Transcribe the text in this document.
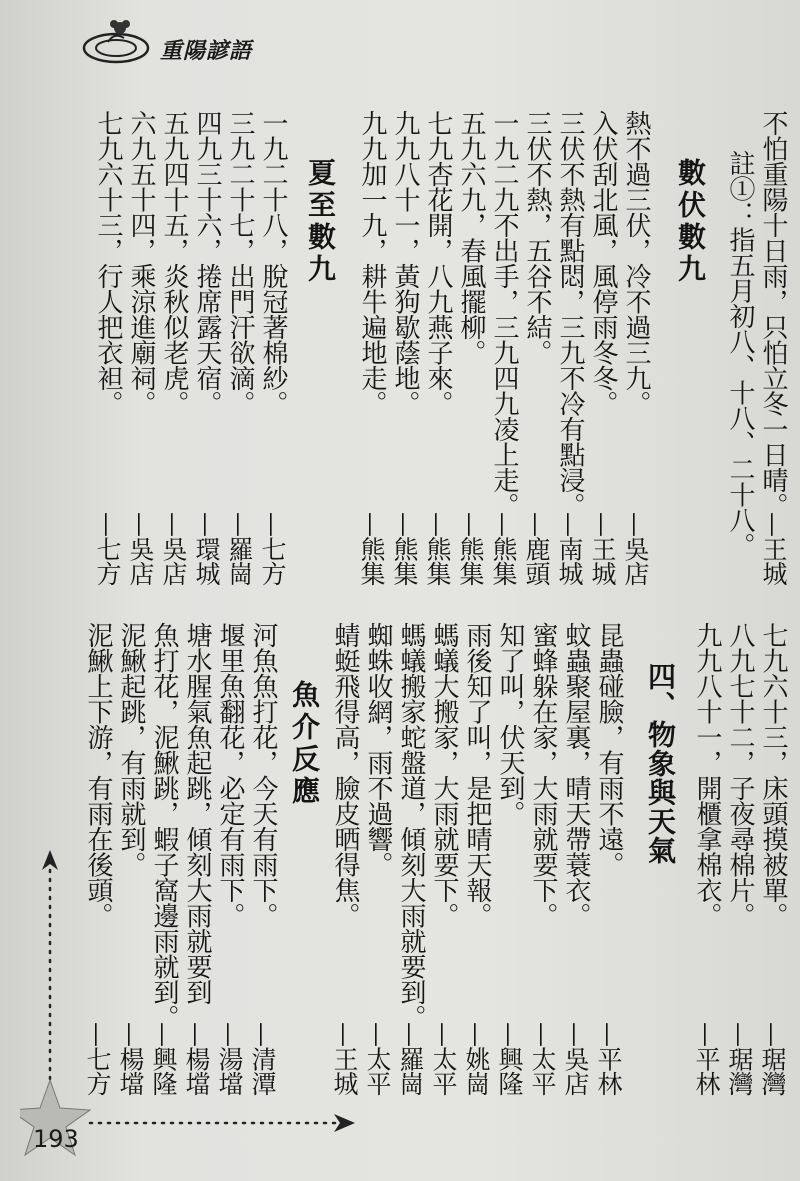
重陽諺語
不怕重陽十日雨，只怕立冬一日晴。
註①：指五月初八、十八、二十八。 —王城
數伏數九
熱不過三伏，冷不過三九。
入伏刮北風，風停雨冬冬。
三伏不熱有點悶，三九不冷有點浸。
三伏不熱，五谷不結。
一九二九不出手，三九四九凌上走。
五九六九，春風擺柳。
七九杏花開，八九燕子來。
九九八十一，黃狗歇蔭地。
九九加一九，耕牛遍地走。
—吳店
—王城
—南城
—鹿頭
—熊集
—熊集
—熊集
—熊集
—熊集
夏至數九
一九二十八，脫冠著棉紗。
三九二十七，出門汗欲滴。
四九三十六，捲席露天宿。
五九四十五，炎秋似老虎。
六九五十四，乘涼進廟祠。
七九六十三，行人把衣袒。
—七方
—羅崗
—環城
—吳店
—吳店
—七方
七九六十三，床頭摸被單。
八九七十二，子夜尋棉片。
九九八十一，開櫃拿棉衣。
—琚灣
—琚灣
—平林
四、物象與天氣
昆蟲碰臉，有雨不遠。
蚊蟲聚屋裏，晴天帶蓑衣。
蜜蜂躲在家，大雨就要下。
知了叫，伏天到。
雨後知了叫，是把晴天報。
螞蟻大搬家，大雨就要下。
螞蟻搬家蛇盤道，傾刻大雨就要到。
蜘蛛收網，雨不過響。
蜻蜓飛得高，臉皮晒得焦。
—平林
—吳店
—太平
—興隆
—姚崗
—太平
—羅崗
—太平
—王城
魚介反應
河魚魚打花，今天有雨下。
堰里魚翻花，必定有雨下。
塘水腥氣魚起跳，傾刻大雨就要到
魚打花，泥鰍跳，蝦子窩邊雨就到。
泥鰍起跳，有雨就到。
泥鰍上下游，有雨在後頭。
—清潭
—湯壋
—楊壋
—興隆
—楊壋
—七方
193
